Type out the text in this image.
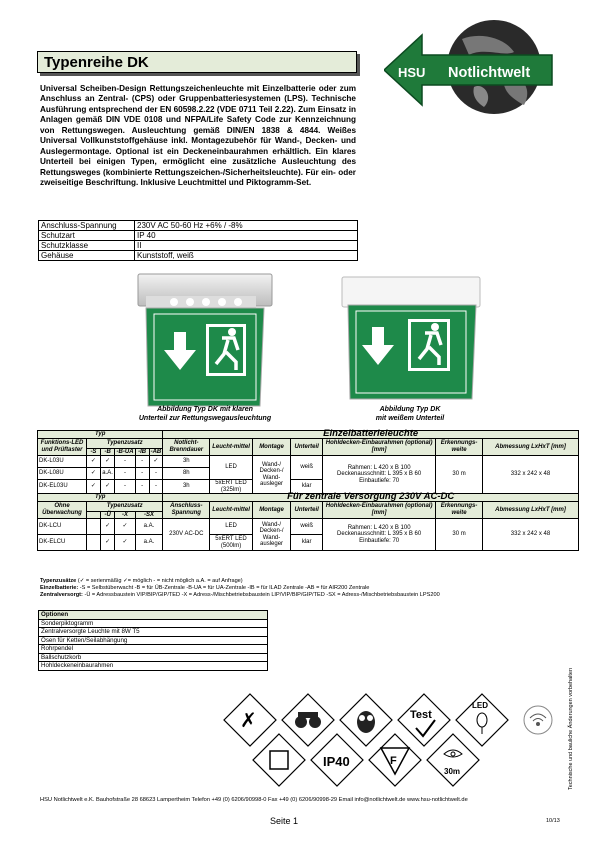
Typenreihe DK
HSU Notlichtwelt
Universal Scheiben-Design Rettungszeichenleuchte mit Einzelbatterie oder zum Anschluss an Zentral- (CPS) oder Gruppenbatteriesystemen (LPS). Technische Ausführung entsprechend der EN 60598.2.22 (VDE 0711 Teil 2.22). Zum Einsatz in Anlagen gemäß DIN VDE 0108 und NFPA/Life Safety Code zur Kennzeichnung von Rettungswegen. Ausleuchtung gemäß DIN/EN 1838 & 4844. Weißes Universal Vollkunststoffgehäuse inkl. Montagezubehör für Wand-, Decken- und Auslegermontage. Optional ist ein Deckeneinbaurahmen erhältlich. Ein klares Unterteil bei einigen Typen, ermöglicht eine zusätzliche Ausleuchtung des Rettungsweges (kombinierte Rettungszeichen-/Sicherheitsleuchte). Für ein- oder zweiseitige Beschriftung. Inklusive Leuchtmittel und Piktogramm-Set.
Anschluss-Spannung	230V AC 50-60 Hz +6% / -8%
Schutzart	IP 40
Schutzklasse	II
Gehäuse	Kunststoff, weiß
Abbildung Typ DK mit klaren
Unterteil zur Rettungswegausleuchtung
Abbildung Typ DK
mit weißem Unterteil
Typ						Einzelbatterieleuchte						
Funktions-LED und Prüftaster	Typenzusatz					Notlicht-Brenndauer	Leucht-mittel	Montage	Unterteil	Hohldecken-Einbaurahmen (optional) [mm]	Erkennungs-weite	Abmessung LxHxT [mm]
	-S	-B	-B-UA	-IB	-AB							
DK-L03U	✓	✓	-	-	✓	3h	LED	Wand-/ Decken-/ Wand-ausleger	weiß	Rahmen: L 420 x B 100
Deckenausschnitt: L 395 x B 60
Einbautiefe: 70	30 m	332 x 242 x 48
DK-L08U	✓	a.A.	-	-	-	8h						
DK-EL03U	✓	✓	-	-	-	3h	5xERT LED (325lm)		klar			
Typ						Für zentrale Versorgung 230V AC-DC						
Ohne Überwachung	Typenzusatz					Anschluss-Spannung	Leucht-mittel	Montage	Unterteil	Hohldecken-Einbaurahmen (optional) [mm]	Erkennungs-weite	Abmessung LxHxT [mm]
		-Ü	-X	-SX								
DK-LCU		✓	✓	a.A.		230V AC-DC	LED	Wand-/ Decken-/ Wand-ausleger	weiß	Rahmen: L 420 x B 100
Deckenausschnitt: L 395 x B 60
Einbautiefe: 70	30 m	332 x 242 x 48
DK-ELCU		✓	✓	a.A.			5xERT LED (500lm)		klar			
Typenzusätze (✓ = serienmäßig ✓= möglich - = nicht möglich a.A. = auf Anfrage)
Einzelbatterie: -S = Selbstüberwacht -B = für ÜB-Zentrale -B-UA = für UA-Zentrale -IB = für ILAD Zentrale -AB = für AIR200 Zentrale
Zentralversorgt: -Ü = Adressbaustein VIP/BIP/GIP/TED -X = Adress-/Mischbetriebsbaustein LIP/VIP/BIP/GIP/TED -SX = Adress-/Mischbetriebsbaustein LPS200
Optionen
Sonderpiktogramm
Zentralversorgte Leuchte mit 8W T5
Ösen für Ketten/Seilabhängung
Rohrpendel
Ballschutzkorb
Hohldeckeneinbaurahmen
✗	Test
LED
IP40	F
30m	Technische und bauliche Änderungen vorbehalten
HSU Notlichtwelt e.K. Bauhofstraße 28 68623 Lampertheim Telefon +49 (0) 6206/90998-0 Fax +49 (0) 6206/90998-29 Email info@notlichtwelt.de www.hsu-notlichtwelt.de
Seite 1	10/13
